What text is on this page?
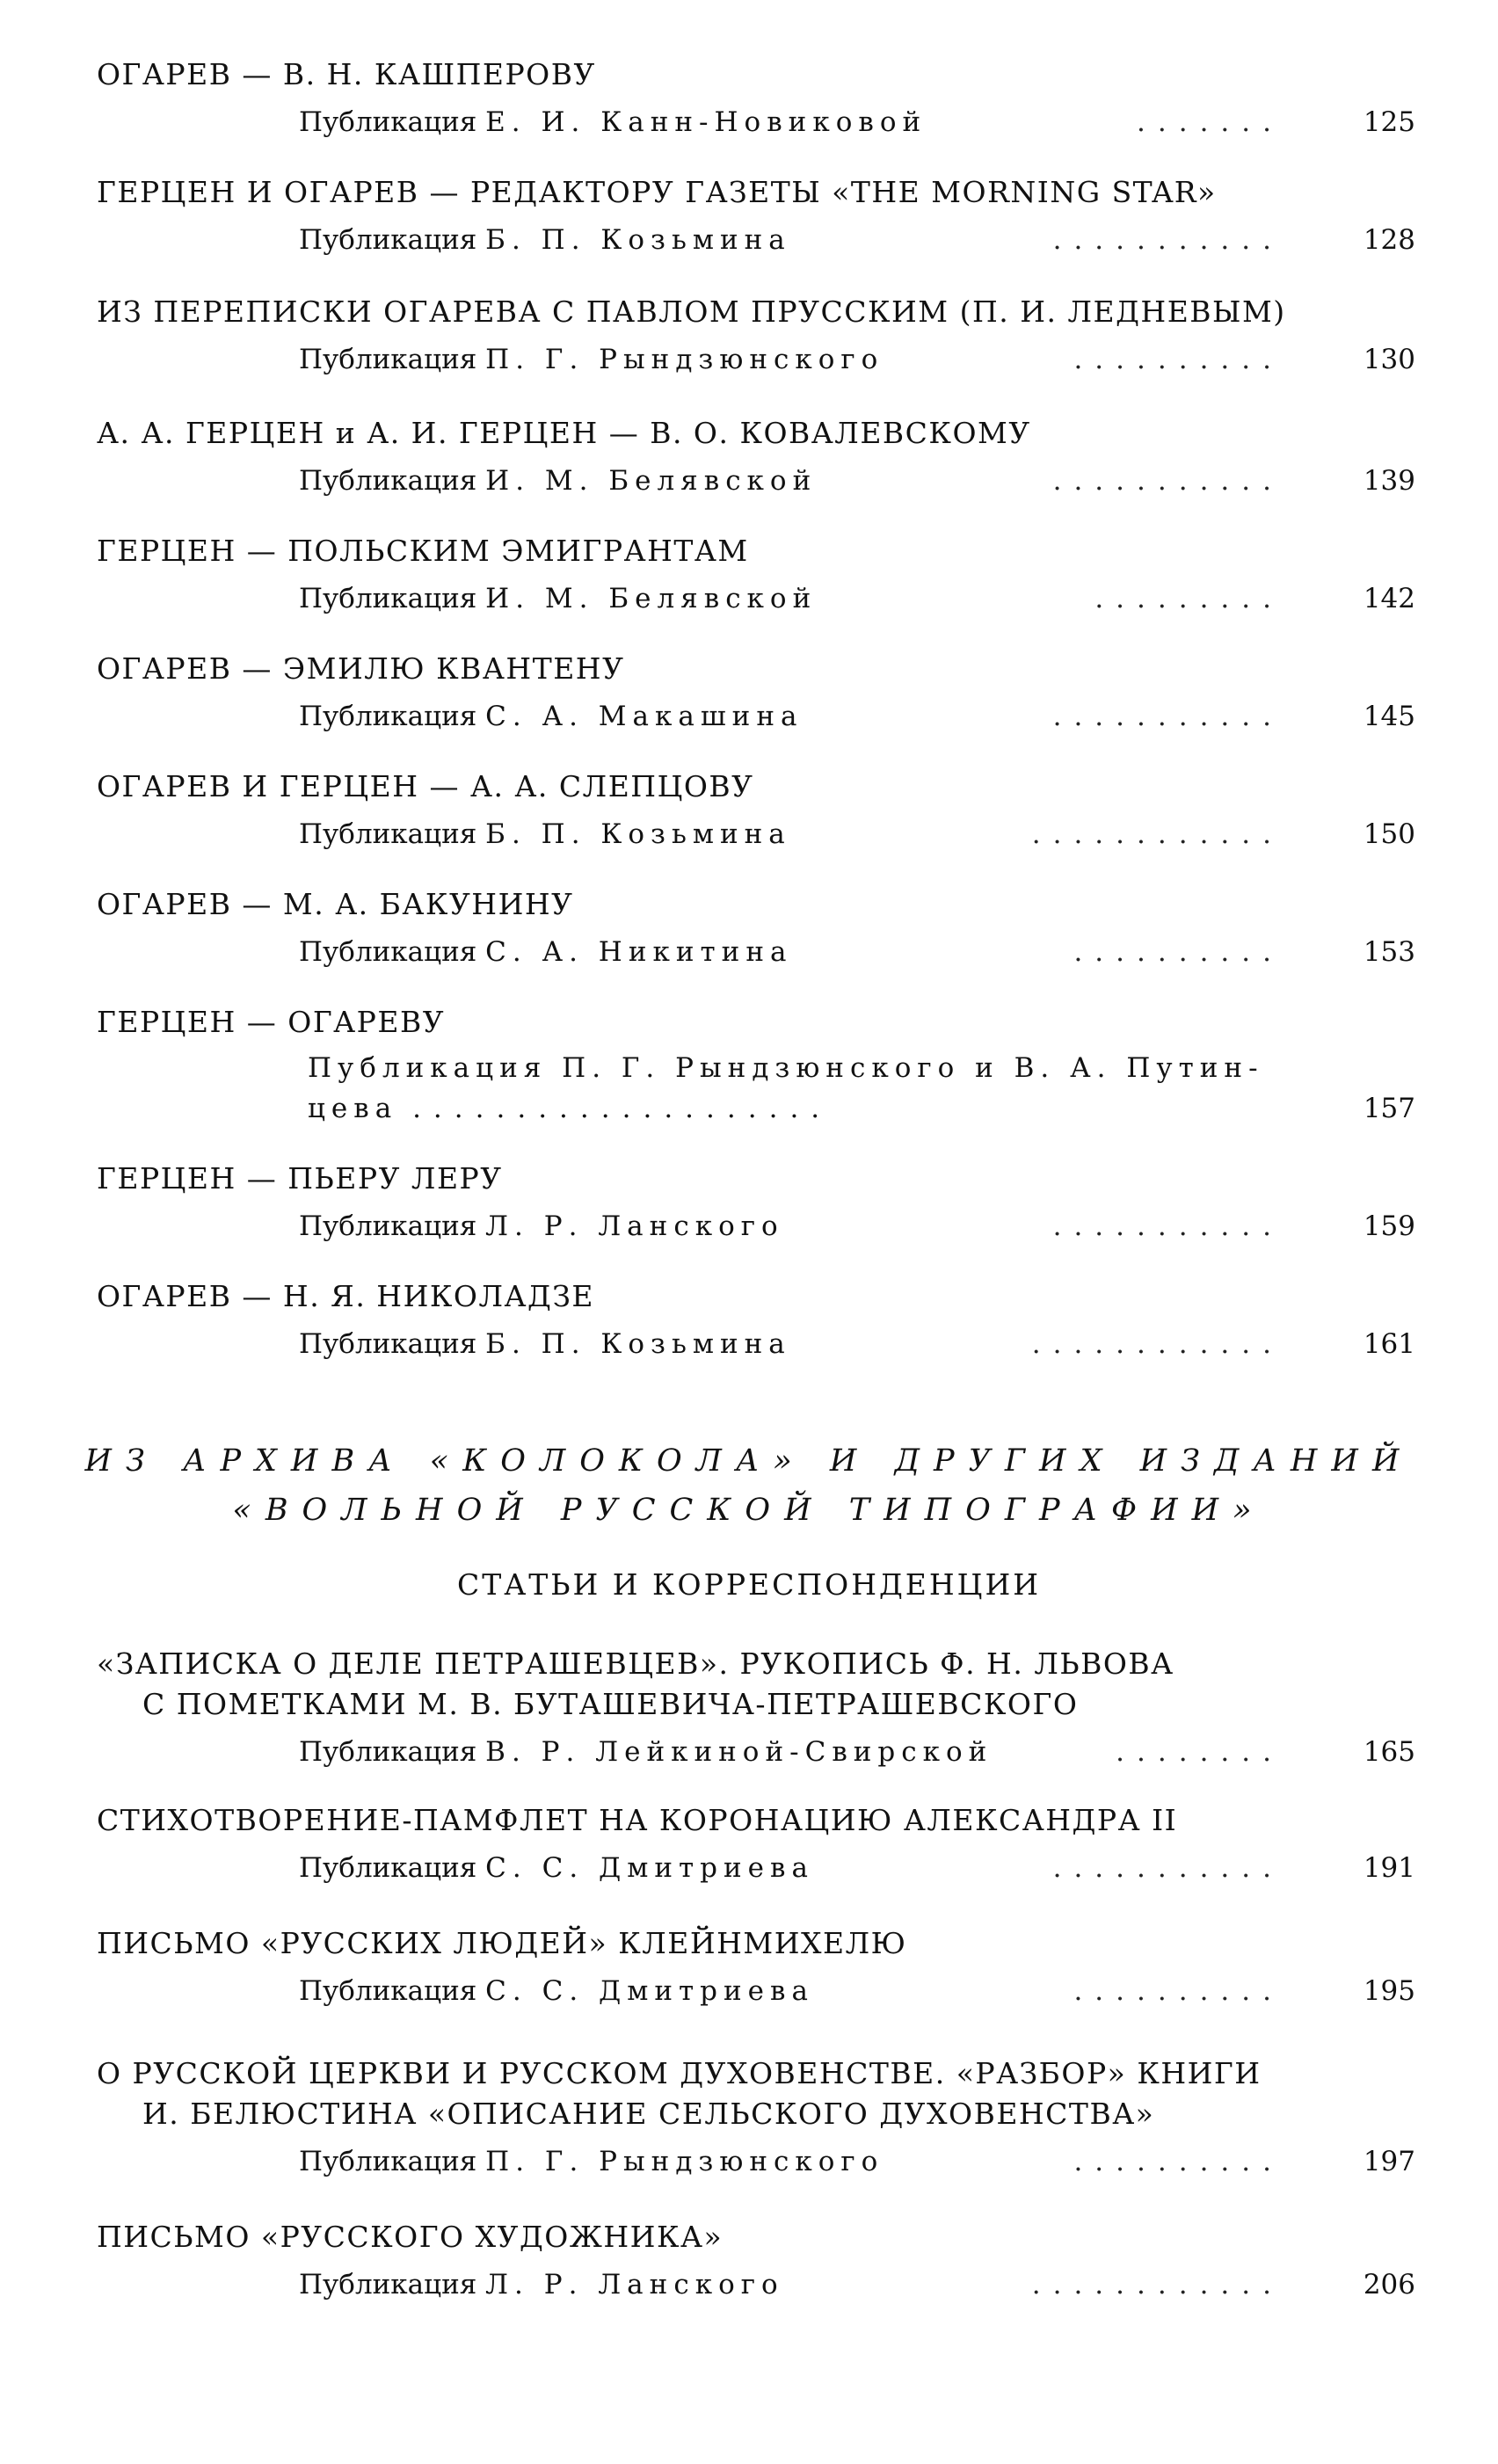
ОГАРЕВ — В. Н. КАШПЕРОВУ
Публикация Е. И. Канн-Новиковой	.......	125
ГЕРЦЕН И ОГАРЕВ — РЕДАКТОРУ ГАЗЕТЫ «THE MORNING STAR»
Публикация Б. П. Козьмина	...........	128
ИЗ ПЕРЕПИСКИ ОГАРЕВА С ПАВЛОМ ПРУССКИМ (П. И. ЛЕДНЕВЫМ)
Публикация П. Г. Рындзюнского	..........	130
А. А. ГЕРЦЕН и А. И. ГЕРЦЕН — В. О. КОВАЛЕВСКОМУ
Публикация И. М. Белявской	...........	139
ГЕРЦЕН — ПОЛЬСКИМ ЭМИГРАНТАМ
Публикация И. М. Белявской	.........	142
ОГАРЕВ — ЭМИЛЮ КВАНТЕНУ
Публикация С. А. Макашина	...........	145
ОГАРЕВ И ГЕРЦЕН — А. А. СЛЕПЦОВУ
Публикация Б. П. Козьмина	............	150
ОГАРЕВ — М. А. БАКУНИНУ
Публикация С. А. Никитина	..........	153
ГЕРЦЕН — ОГАРЕВУ
Публикация П. Г. Рындзюнского и В. А. Путин-
цева ....................	157
ГЕРЦЕН — ПЬЕРУ ЛЕРУ
Публикация Л. Р. Ланского	...........	159
ОГАРЕВ — Н. Я. НИКОЛАДЗЕ
Публикация Б. П. Козьмина	............	161
ИЗ АРХИВА «КОЛОКОЛА» И ДРУГИХ ИЗДАНИЙ
«ВОЛЬНОЙ РУССКОЙ ТИПОГРАФИИ»
СТАТЬИ И КОРРЕСПОНДЕНЦИИ
«ЗАПИСКА О ДЕЛЕ ПЕТРАШЕВЦЕВ». РУКОПИСЬ Ф. Н. ЛЬВОВА
С ПОМЕТКАМИ М. В. БУТАШЕВИЧА-ПЕТРАШЕВСКОГО
Публикация В. Р. Лейкиной-Свирской	........	165
СТИХОТВОРЕНИЕ-ПАМФЛЕТ НА КОРОНАЦИЮ АЛЕКСАНДРА II
Публикация С. С. Дмитриева	...........	191
ПИСЬМО «РУССКИХ ЛЮДЕЙ» КЛЕЙНМИХЕЛЮ
Публикация С. С. Дмитриева	..........	195
О РУССКОЙ ЦЕРКВИ И РУССКОМ ДУХОВЕНСТВЕ. «РАЗБОР» КНИГИ
И. БЕЛЮСТИНА «ОПИСАНИЕ СЕЛЬСКОГО ДУХОВЕНСТВА»
Публикация П. Г. Рындзюнского	..........	197
ПИСЬМО «РУССКОГО ХУДОЖНИКА»
Публикация Л. Р. Ланского	............	206
